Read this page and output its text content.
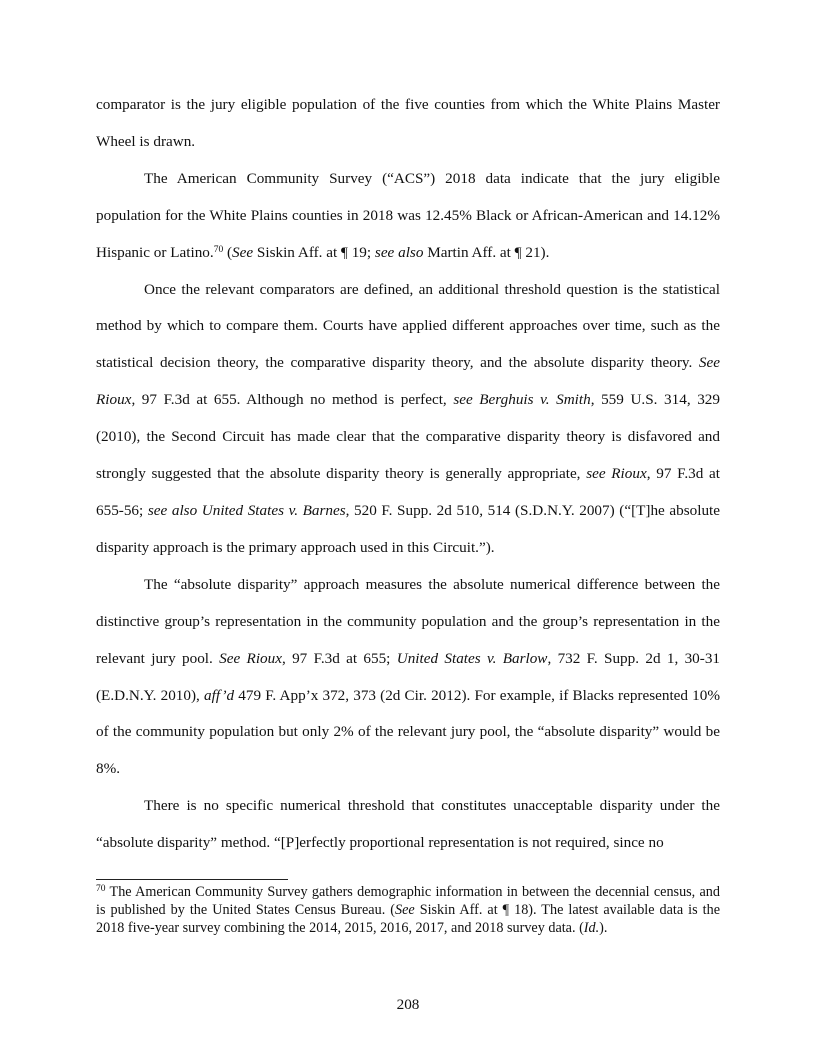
comparator is the jury eligible population of the five counties from which the White Plains Master Wheel is drawn.

The American Community Survey (“ACS”) 2018 data indicate that the jury eligible population for the White Plains counties in 2018 was 12.45% Black or African-American and 14.12% Hispanic or Latino.$^{70}$ (See Siskin Aff. at ¶ 19; see also Martin Aff. at ¶ 21).

Once the relevant comparators are defined, an additional threshold question is the statistical method by which to compare them. Courts have applied different approaches over time, such as the statistical decision theory, the comparative disparity theory, and the absolute disparity theory. See Rioux, 97 F.3d at 655. Although no method is perfect, see Berghuis v. Smith, 559 U.S. 314, 329 (2010), the Second Circuit has made clear that the comparative disparity theory is disfavored and strongly suggested that the absolute disparity theory is generally appropriate, see Rioux, 97 F.3d at 655-56; see also United States v. Barnes, 520 F. Supp. 2d 510, 514 (S.D.N.Y. 2007) (“[T]he absolute disparity approach is the primary approach used in this Circuit.”).

The “absolute disparity” approach measures the absolute numerical difference between the distinctive group’s representation in the community population and the group’s representation in the relevant jury pool. See Rioux, 97 F.3d at 655; United States v. Barlow, 732 F. Supp. 2d 1, 30-31 (E.D.N.Y. 2010), aff’d 479 F. App’x 372, 373 (2d Cir. 2012). For example, if Blacks represented 10% of the community population but only 2% of the relevant jury pool, the “absolute disparity” would be 8%.

There is no specific numerical threshold that constitutes unacceptable disparity under the “absolute disparity” method. “[P]erfectly proportional representation is not required, since no

$^{70}$ The American Community Survey gathers demographic information in between the decennial census, and is published by the United States Census Bureau. (See Siskin Aff. at ¶ 18). The latest available data is the 2018 five-year survey combining the 2014, 2015, 2016, 2017, and 2018 survey data. (Id.).

208
